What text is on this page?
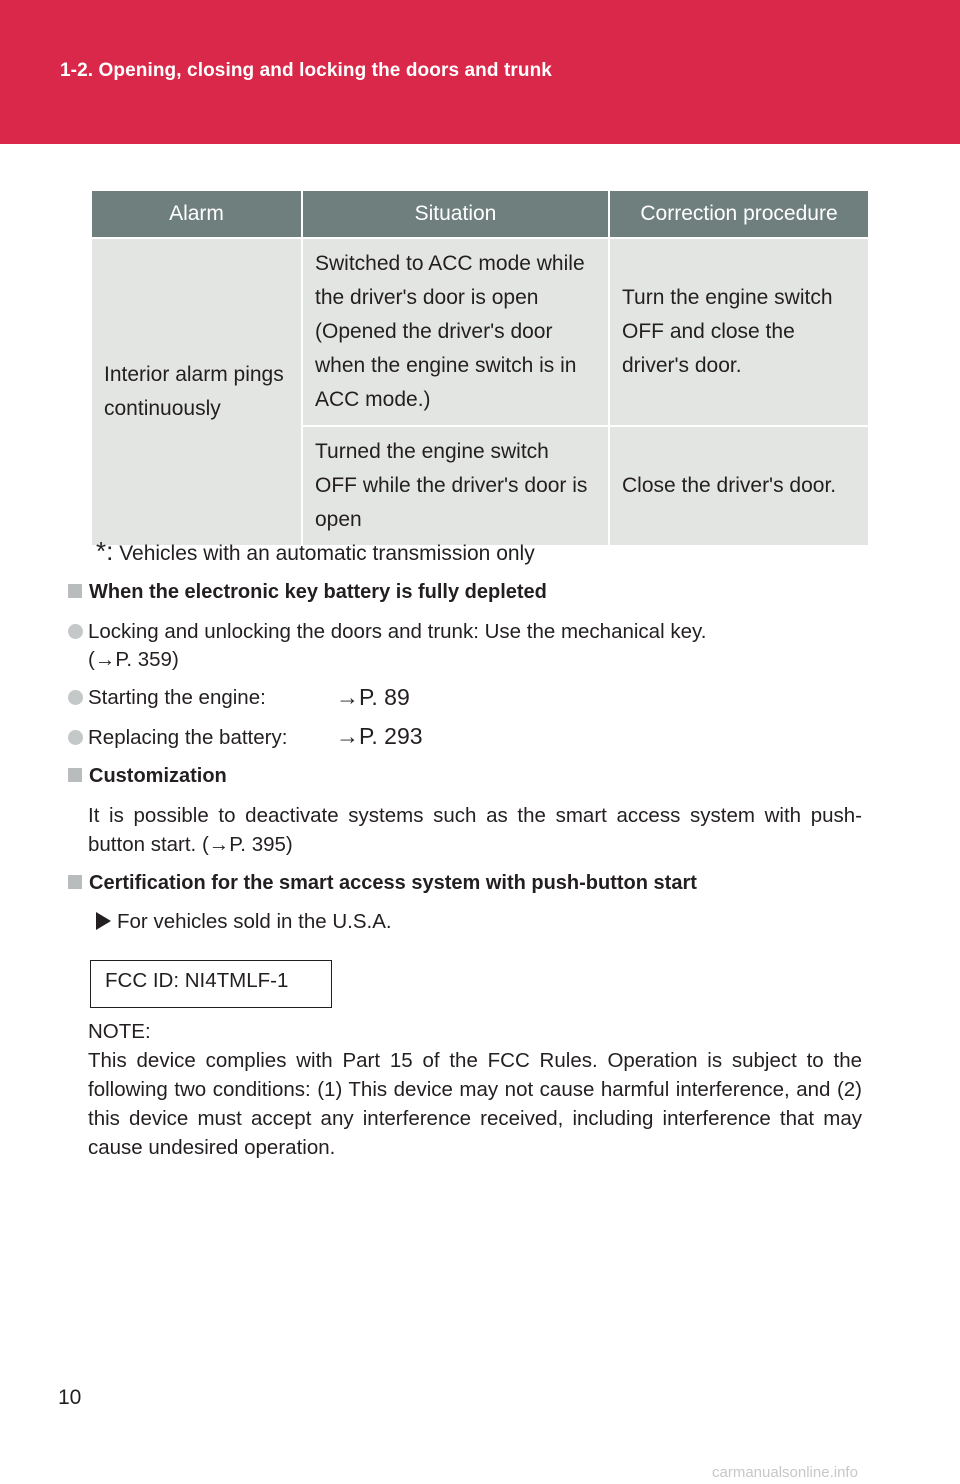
1-2. Opening, closing and locking the doors and trunk
Alarm	Situation	Correction procedure
Interior alarm pings continuously	Switched to ACC mode while the driver's door is open (Opened the driver's door when the engine switch is in ACC mode.)	Turn the engine switch OFF and close the driver's door.
	Turned the engine switch OFF while the driver's door is open	Close the driver's door.
*: Vehicles with an automatic transmission only
When the electronic key battery is fully depleted
Locking and unlocking the doors and trunk: Use the mechanical key.
(→P. 359)
Starting the engine:	→P. 89
Replacing the battery: →P. 293
Customization
It is possible to deactivate systems such as the smart access system with push-button start. (→P. 395)
Certification for the smart access system with push-button start
For vehicles sold in the U.S.A.
FCC ID: NI4TMLF-1
NOTE:
This device complies with Part 15 of the FCC Rules. Operation is subject to the following two conditions: (1) This device may not cause harmful interference, and (2) this device must accept any interference received, including interference that may cause undesired operation.
10
carmanualsonline.info
